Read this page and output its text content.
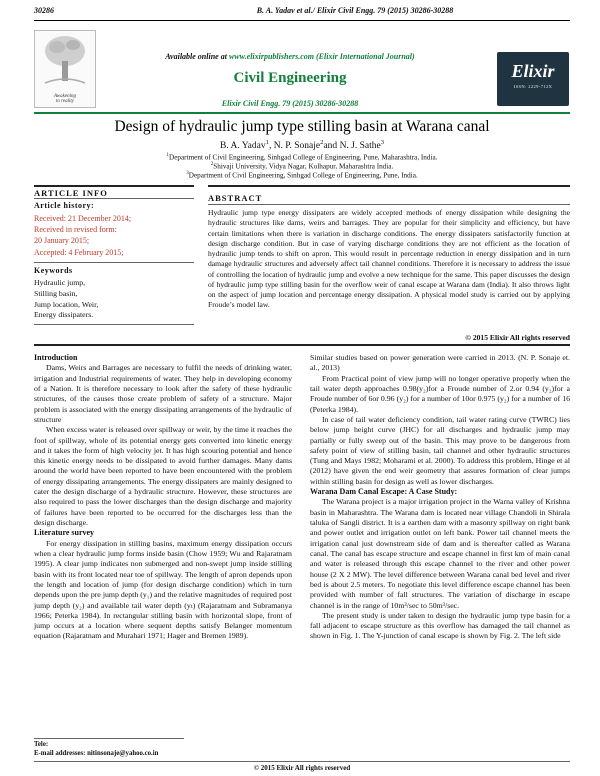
30286	B. A. Yadav et al./ Elixir Civil Engg. 79 (2015) 30286-30288
Awakening
to reality
Available online at www.elixirpublishers.com (Elixir International Journal)
Civil Engineering
Elixir Civil Engg. 79 (2015) 30286-30288
Elixir
ISSN: 2229-712X
Design of hydraulic jump type stilling basin at Warana canal
B. A. Yadav$^1$, N. P. Sonaje$^2$and N. J. Sathe$^3$
$^1$Department of Civil Engineering, Sinhgad College of Engineering, Pune, Maharashtra, India.
$^2$Shivaji University, Vidya Nagar, Kolhapur, Maharashtra India.
$^3$Department of Civil Engineering, Sinhgad College of Engineering, Pune, India.
ARTICLE INFO
Article history:
Received: 21 December 2014;
Received in revised form:
20 January 2015;
Accepted: 4 February 2015;
Keywords
Hydraulic jump,
Stilling basin,
Jump location, Weir,
Energy dissipaters.
ABSTRACT
Hydraulic jump type energy dissipaters are widely accepted methods of energy dissipation while designing the hydraulic structures like dams, weirs and barrages. They are popular for their simplicity and efficiency, but have certain limitations when there is variation in discharge conditions. The energy dissipaters satisfactorily function at design discharge condition. But in case of varying discharge conditions they are not efficient as the location of hydraulic jump tends to shift on apron. This would result in percentage reduction in energy dissipation and in turn damage hydraulic structures and adversely affect tail channel conditions. Therefore it is necessary to address the issue of controlling the location of hydraulic jump and evolve a new technique for the same. This paper discusses the design of hydraulic jump type stilling basin for the overflow weir of canal escape at Warana dam (India). It also throws light on the aspect of jump location and percentage energy dissipation. A physical model study is carried out by applying Froude’s model law.
© 2015 Elixir All rights reserved

Introduction

Dams, Weirs and Barrages are necessary to fulfil the needs of drinking water, irrigation and Industrial requirements of water. They help in developing economy of a Nation. It is therefore necessary to look after the safety of these hydraulic structures, of the causes those create problem of safety of a structure. Major problem is associated with the energy dissipating arrangements of the hydraulic of structure

When excess water is released over spillway or weir, by the time it reaches the foot of spillway, whole of its potential energy gets converted into kinetic energy and it takes the form of high velocity jet. It has high scouring potential and hence this kinetic energy needs to be dissipated to avoid further damages. Many dams around the world have been reported to have been encountered with the problem of energy dissipating arrangements. The energy dissipaters are mainly designed to cater the design discharge of a hydraulic structure. However, these structures are also required to pass the lower discharges than the design discharge and majority of failures have been reported to be occurred for the discharges less than the design discharge.

Literature survey

For energy dissipation in stilling basins, maximum energy dissipation occurs when a clear hydraulic jump forms inside basin (Chow 1959; Wu and Rajaratnam 1995). A clear jump indicates non submerged and non-swept jump inside stilling basin with its front located near toe of spillway. The length of apron depends upon the length and location of jump (for design discharge condition) which in turn depends upon the pre jump depth (y₁) and the relative magnitudes of required post jump depth (y₂) and available tail water depth (yₜ) (Rajaratnam and Subramanya 1966; Peterka 1984). In rectangular stilling basin with horizontal slope, front of jump occurs at a location where sequent depths satisfy Belanger momentum equation (Rajaratnam and Murahari 1971; Hager and Bremen 1989).

Similar studies based on power generation were carried in 2013. (N. P. Sonaje et. al., 2013)

From Practical point of view jump will no longer operative properly when the tail water depth approaches 0.98(y₂)for a Froude number of 2.or 0.94 (y₂)for a Froude number of 6or 0.96 (y₂) for a number of 10or 0.975 (y₂) for a number of 16 (Peterka 1984).

In case of tail water deficiency condition, tail water rating curve (TWRC) lies below jump height curve (JHC) for all discharges and hydraulic jump may partially or fully sweep out of the basin. This may prove to be dangerous from safety point of view of stilling basin, tail channel and other hydraulic structures (Tung and Mays 1982; Moharami et al. 2000). To address this problem, Hinge et al (2012) have given the end weir geometry that assures formation of clear jumps within stilling basin for design as well as lower discharges.

Warana Dam Canal Escape: A Case Study:

The Warana project is a major irrigation project in the Warna valley of Krishna basin in Maharashtra. The Warana dam is located near village Chandoli in Shirala taluka of Sangli district. It is a earthen dam with a masonry spillway on right bank and power outlet and irrigation outlet on left bank. Power tail channel meets the irrigation canal just downstream side of dam and is thereafter called as Warana canal. The canal has escape structure and escape channel in first km of main canal and water is released through this escape channel to the river and other power house (2 X 2 MW). The level difference between Warana canal bed level and river bed is about 2.5 meters. To negotiate this level difference escape channel has been provided with number of fall structures. The variation of discharge in escape channel is in the range of 10m³/sec to 50m³/sec.

The present study is under taken to design the hydraulic jump type basin for a fall adjacent to escape structure as this overflow has damaged the tail channel as shown in Fig. 1. The Y-junction of canal escape is shown by Fig. 2. The left side

Tele:
E-mail addresses: nitinsonaje@yahoo.co.in
© 2015 Elixir All rights reserved
